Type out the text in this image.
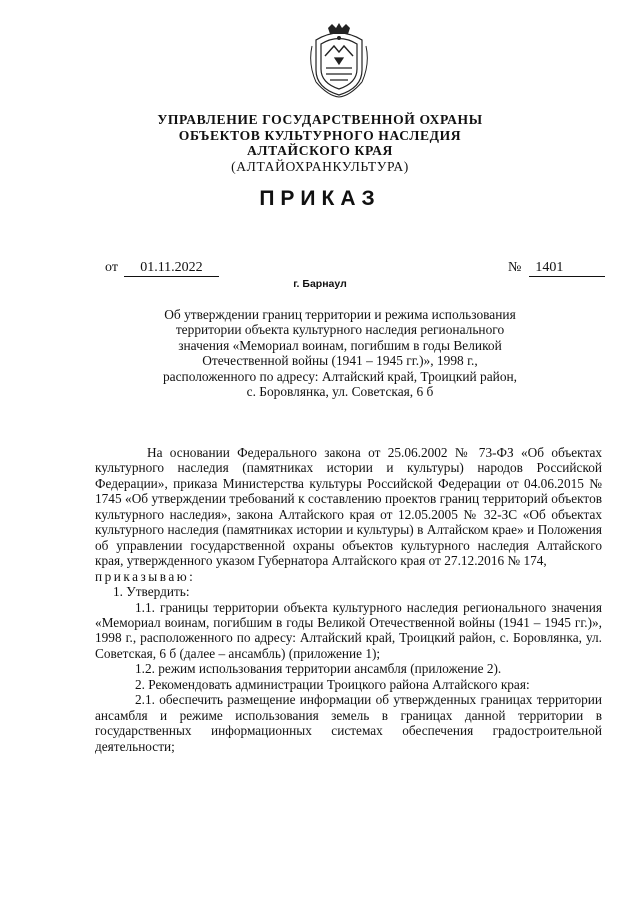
УПРАВЛЕНИЕ ГОСУДАРСТВЕННОЙ ОХРАНЫ
ОБЪЕКТОВ КУЛЬТУРНОГО НАСЛЕДИЯ
АЛТАЙСКОГО КРАЯ
(АЛТАЙОХРАНКУЛЬТУРА)
ПРИКАЗ
от 01.11.2022	№ 1401
г. Барнаул
Об утверждении границ территории и режима использования
территории объекта культурного наследия регионального
значения «Мемориал воинам, погибшим в годы Великой
Отечественной войны (1941 – 1945 гг.)», 1998 г.,
расположенного по адресу: Алтайский край, Троицкий район,
с. Боровлянка, ул. Советская, 6 б

На основании Федерального закона от 25.06.2002 № 73-ФЗ «Об объектах культурного наследия (памятниках истории и культуры) народов Российской Федерации», приказа Министерства культуры Российской Федерации от 04.06.2015 № 1745 «Об утверждении требований к составлению проектов границ территорий объектов культурного наследия», закона Алтайского края от 12.05.2005 № 32-ЗС «Об объектах культурного наследия (памятниках истории и культуры) в Алтайском крае» и Положения об управлении государственной охраны объектов культурного наследия Алтайского края, утвержденного указом Губернатора Алтайского края от 27.12.2016 № 174,

приказываю:

1. Утвердить:

1.1. границы территории объекта культурного наследия регионального значения «Мемориал воинам, погибшим в годы Великой Отечественной войны (1941 – 1945 гг.)», 1998 г., расположенного по адресу: Алтайский край, Троицкий район, с. Боровлянка, ул. Советская, 6 б (далее – ансамбль) (приложение 1);

1.2. режим использования территории ансамбля (приложение 2).

2. Рекомендовать администрации Троицкого района Алтайского края:

2.1. обеспечить размещение информации об утвержденных границах территории ансамбля и режиме использования земель в границах данной территории в государственных информационных системах обеспечения градостроительной деятельности;
